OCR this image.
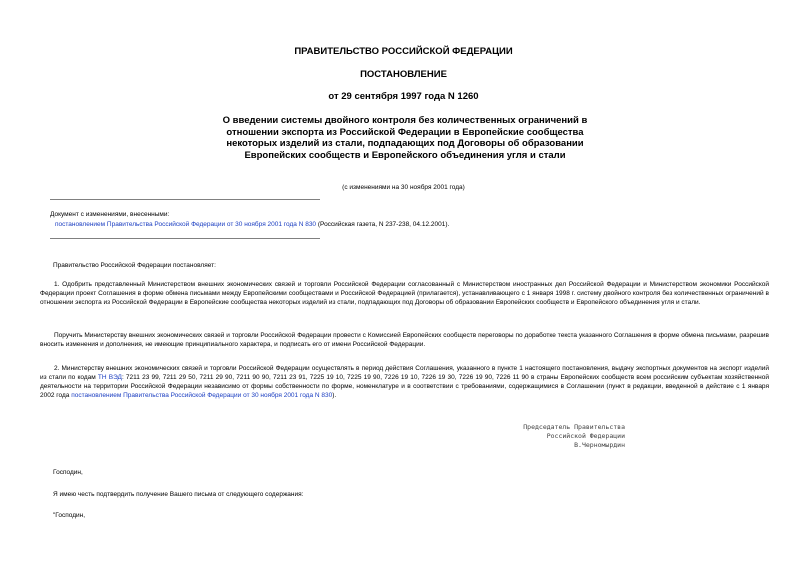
ПРАВИТЕЛЬСТВО РОССИЙСКОЙ ФЕДЕРАЦИИ
ПОСТАНОВЛЕНИЕ
от 29 сентября 1997 года N 1260
О введении системы двойного контроля без количественных ограничений в отношении экспорта из Российской Федерации в Европейские сообщества некоторых изделий из стали, подпадающих под Договоры об образовании Европейских сообществ и Европейского объединения угля и стали
(с изменениями на 30 ноября 2001 года)
Документ с изменениями, внесенными:
постановлением Правительства Российской Федерации от 30 ноября 2001 года N 830 (Российская газета, N 237-238, 04.12.2001).
Правительство Российской Федерации постановляет:
1. Одобрить представленный Министерством внешних экономических связей и торговли Российской Федерации согласованный с Министерством иностранных дел Российской Федерации и Министерством экономики Российской Федерации проект Соглашения в форме обмена письмами между Европейскими сообществами и Российской Федерацией (прилагается), устанавливающего с 1 января 1998 г. систему двойного контроля без количественных ограничений в отношении экспорта из Российской Федерации в Европейские сообщества некоторых изделий из стали, подпадающих под Договоры об образовании Европейских сообществ и Европейского объединения угля и стали.
Поручить Министерству внешних экономических связей и торговли Российской Федерации провести с Комиссией Европейских сообществ переговоры по доработке текста указанного Соглашения в форме обмена письмами, разрешив вносить изменения и дополнения, не имеющие принципиального характера, и подписать его от имени Российской Федерации.
2. Министерству внешних экономических связей и торговли Российской Федерации осуществлять в период действия Соглашения, указанного в пункте 1 настоящего постановления, выдачу экспортных документов на экспорт изделий из стали по кодам ТН ВЭД: 7211 23 99, 7211 29 50, 7211 29 90, 7211 90 90, 7211 23 91, 7225 19 10, 7225 19 90, 7226 19 10, 7226 19 30, 7226 19 90, 7226 11 90 в страны Европейских сообществ всем российским субъектам хозяйственной деятельности на территории Российской Федерации независимо от формы собственности по форме, номенклатуре и в соответствии с требованиями, содержащимися в Соглашении (пункт в редакции, введенной в действие с 1 января 2002 года постановлением Правительства Российской Федерации от 30 ноября 2001 года N 830).
Председатель Правительства
Российской Федерации
В.Черномырдин
Господин,
Я имею честь подтвердить получение Вашего письма от следующего содержания:
"Господин,
